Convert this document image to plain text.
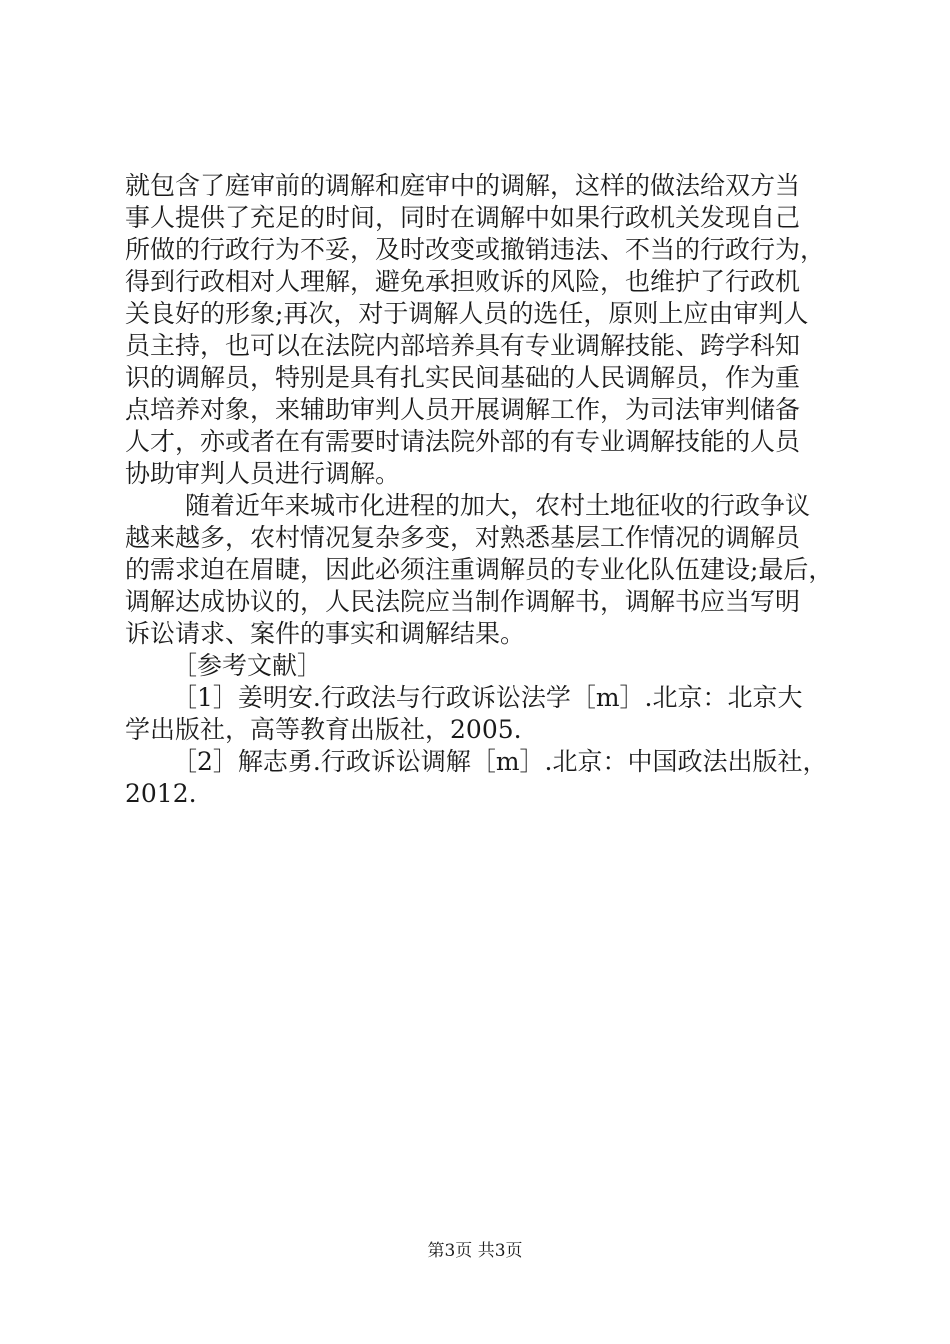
就包含了庭审前的调解和庭审中的调解，这样的做法给双方当
事人提供了充足的时间，同时在调解中如果行政机关发现自己
所做的行政行为不妥，及时改变或撤销违法、不当的行政行为，
得到行政相对人理解，避免承担败诉的风险，也维护了行政机
关良好的形象;再次，对于调解人员的选任，原则上应由审判人
员主持，也可以在法院内部培养具有专业调解技能、跨学科知
识的调解员，特别是具有扎实民间基础的人民调解员，作为重
点培养对象，来辅助审判人员开展调解工作，为司法审判储备
人才，亦或者在有需要时请法院外部的有专业调解技能的人员
协助审判人员进行调解。
随着近年来城市化进程的加大，农村土地征收的行政争议
越来越多，农村情况复杂多变，对熟悉基层工作情况的调解员
的需求迫在眉睫，因此必须注重调解员的专业化队伍建设;最后，
调解达成协议的，人民法院应当制作调解书，调解书应当写明
诉讼请求、案件的事实和调解结果。
［参考文献］
［1］姜明安.行政法与行政诉讼法学［m］.北京：北京大
学出版社，高等教育出版社，2005.
［2］解志勇.行政诉讼调解［m］.北京：中国政法出版社，
2012.
第3页 共3页
